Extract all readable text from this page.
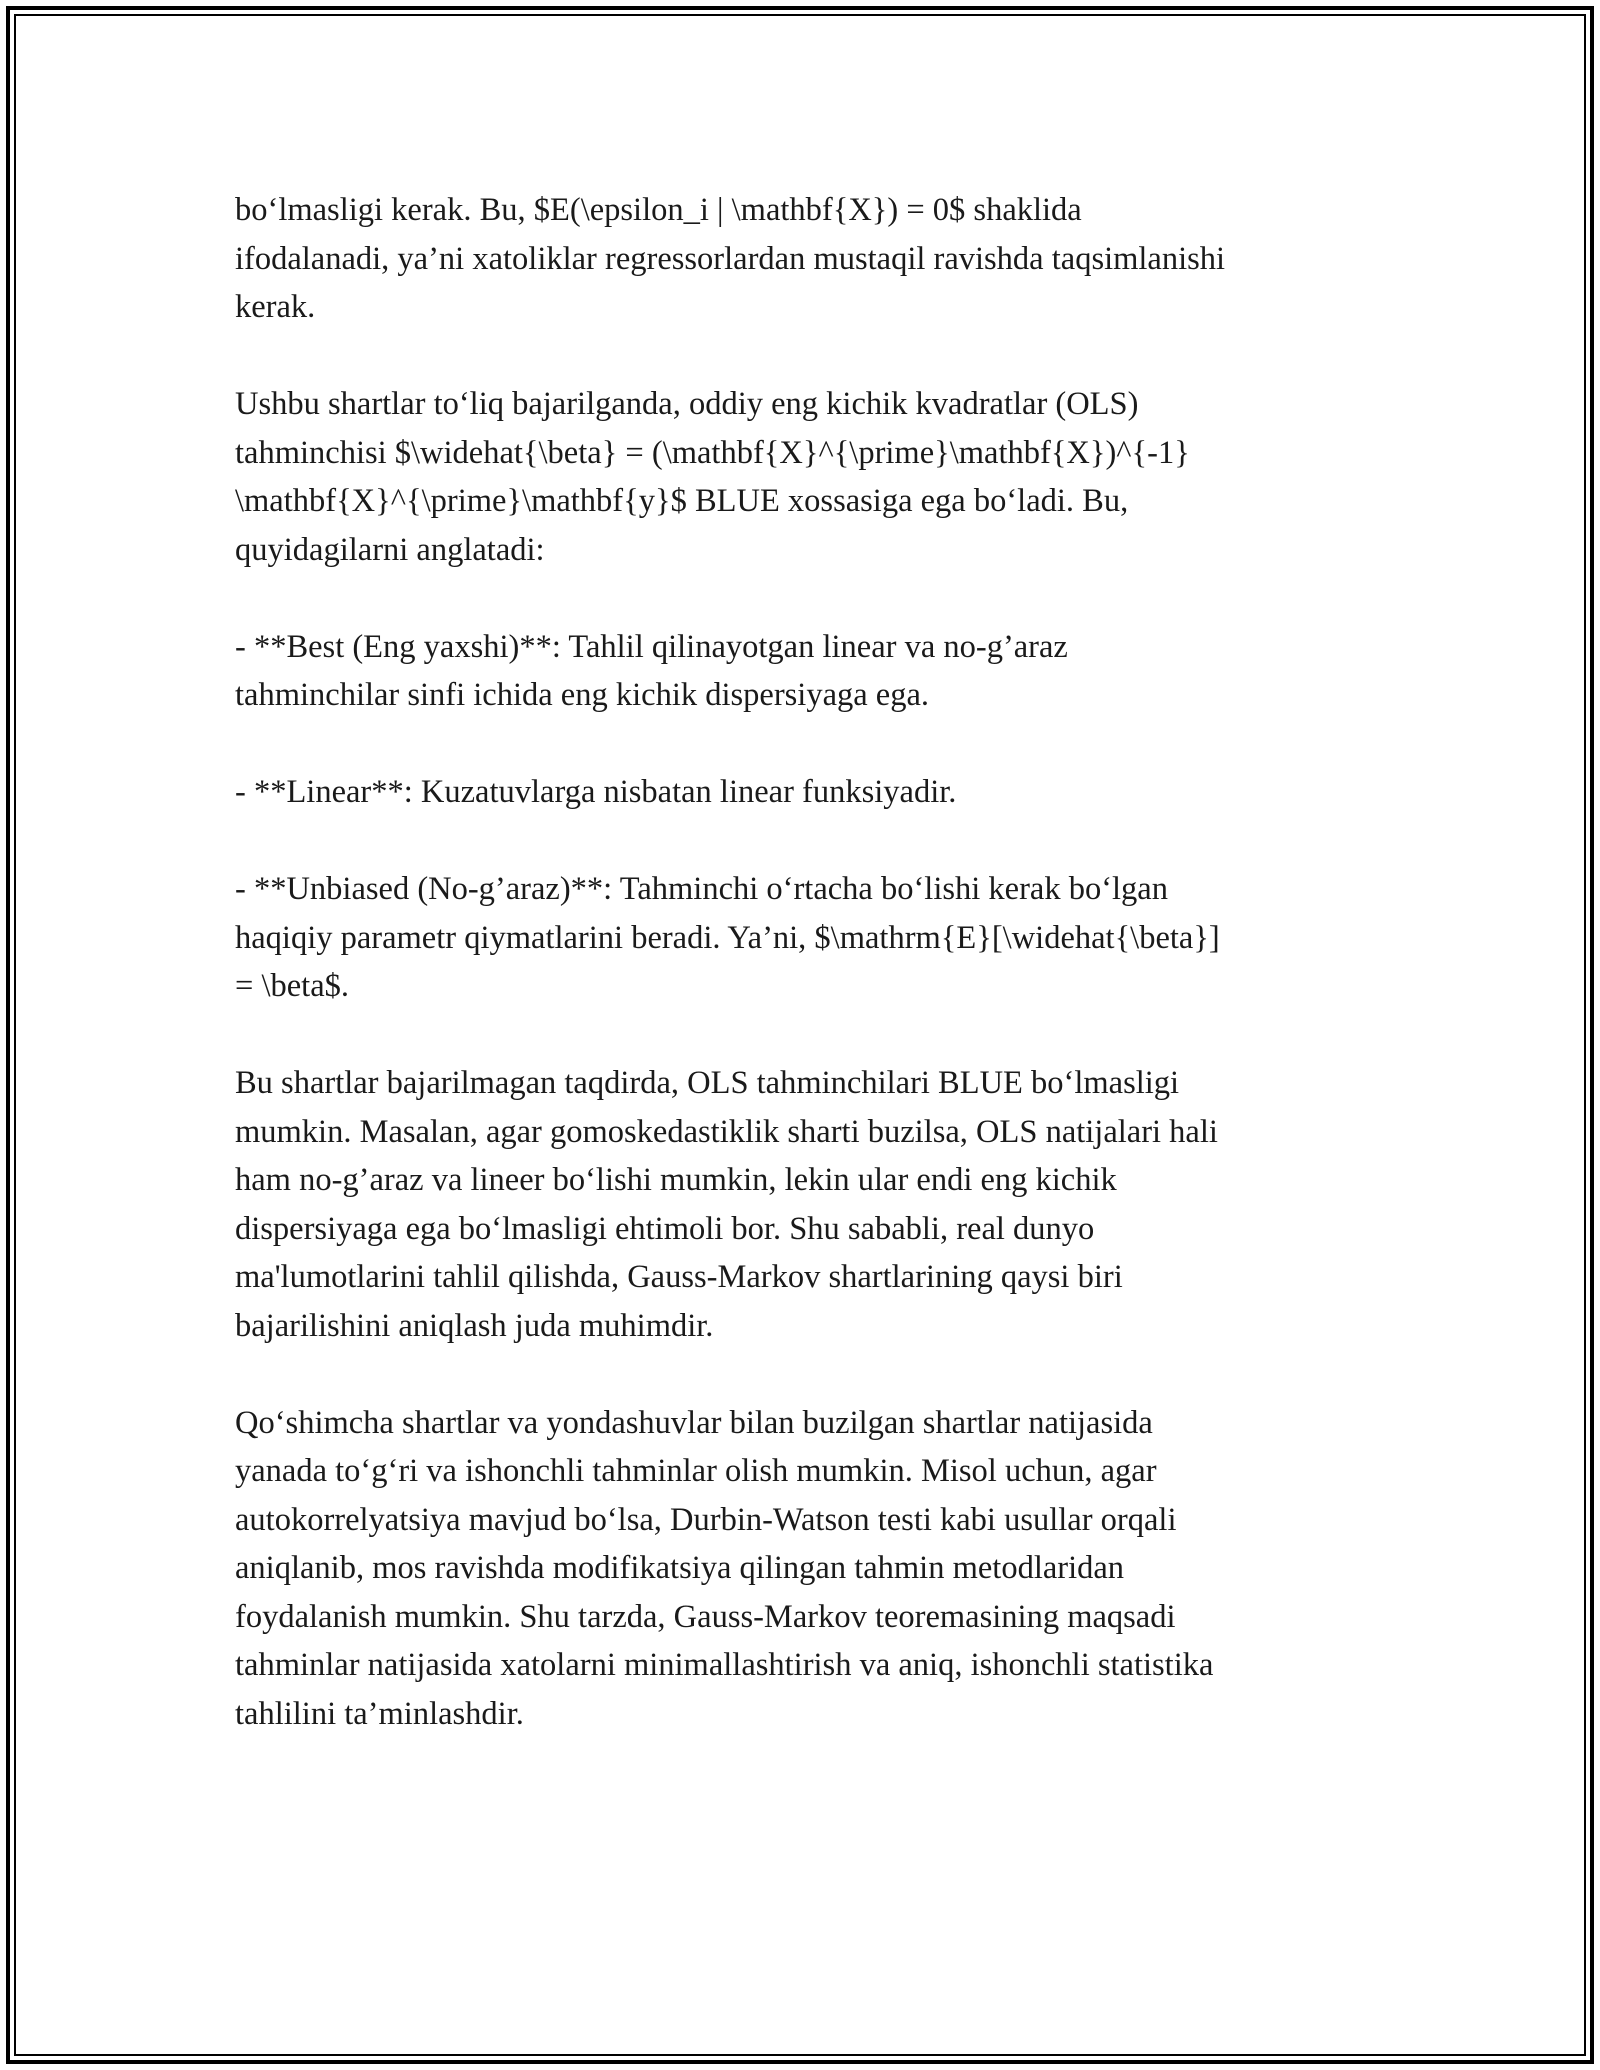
bo‘lmasligi kerak. Bu, $E(\epsilon_i | \mathbf{X}) = 0$ shaklida
ifodalanadi, ya’ni xatoliklar regressorlardan mustaqil ravishda taqsimlanishi
kerak.

Ushbu shartlar to‘liq bajarilganda, oddiy eng kichik kvadratlar (OLS)
tahminchisi $\widehat{\beta} = (\mathbf{X}^{\prime}\mathbf{X})^{-1}
\mathbf{X}^{\prime}\mathbf{y}$ BLUE xossasiga ega bo‘ladi. Bu,
quyidagilarni anglatadi:

- **Best (Eng yaxshi)**: Tahlil qilinayotgan linear va no-g’araz
tahminchilar sinfi ichida eng kichik dispersiyaga ega.

- **Linear**: Kuzatuvlarga nisbatan linear funksiyadir.

- **Unbiased (No-g’araz)**: Tahminchi o‘rtacha bo‘lishi kerak bo‘lgan
haqiqiy parametr qiymatlarini beradi. Ya’ni, $\mathrm{E}[\widehat{\beta}]
= \beta$.

Bu shartlar bajarilmagan taqdirda, OLS tahminchilari BLUE bo‘lmasligi
mumkin. Masalan, agar gomoskedastiklik sharti buzilsa, OLS natijalari hali
ham no-g’araz va lineer bo‘lishi mumkin, lekin ular endi eng kichik
dispersiyaga ega bo‘lmasligi ehtimoli bor. Shu sababli, real dunyo
ma'lumotlarini tahlil qilishda, Gauss-Markov shartlarining qaysi biri
bajarilishini aniqlash juda muhimdir.

Qo‘shimcha shartlar va yondashuvlar bilan buzilgan shartlar natijasida
yanada to‘g‘ri va ishonchli tahminlar olish mumkin. Misol uchun, agar
autokorrelyatsiya mavjud bo‘lsa, Durbin-Watson testi kabi usullar orqali
aniqlanib, mos ravishda modifikatsiya qilingan tahmin metodlaridan
foydalanish mumkin. Shu tarzda, Gauss-Markov teoremasining maqsadi
tahminlar natijasida xatolarni minimallashtirish va aniq, ishonchli statistika
tahlilini ta’minlashdir.
